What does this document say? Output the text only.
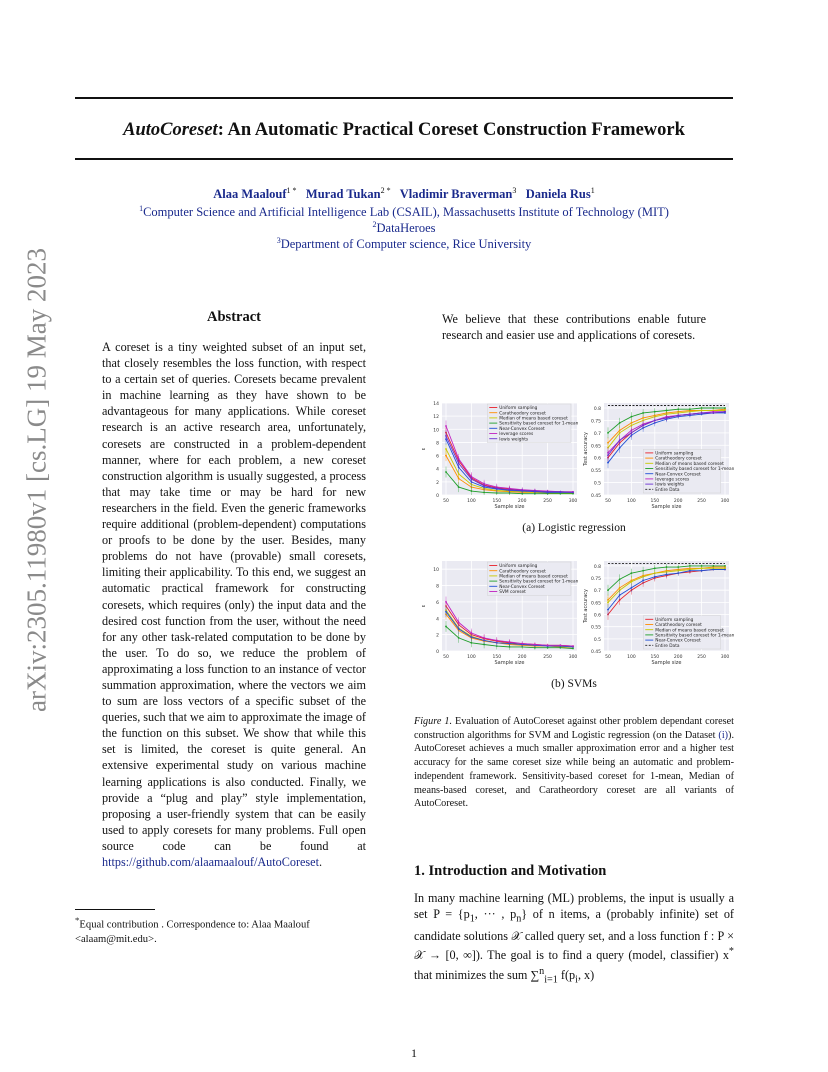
arXiv:2305.11980v1 [cs.LG] 19 May 2023
AutoCoreset: An Automatic Practical Coreset Construction Framework
Alaa Maalouf$^{1 *}$ Murad Tukan$^{2 *}$ Vladimir Braverman$^3$ Daniela Rus$^1$
$^1$Computer Science and Artificial Intelligence Lab (CSAIL), Massachusetts Institute of Technology (MIT)
$^2$DataHeroes
$^3$Department of Computer science, Rice University
Abstract
A coreset is a tiny weighted subset of an input set, that closely resembles the loss function, with respect to a certain set of queries. Coresets became prevalent in machine learning as they have shown to be advantageous for many applications. While coreset research is an active research area, unfortunately, coresets are constructed in a problem-dependent manner, where for each problem, a new coreset construction algorithm is usually suggested, a process that may take time or may be hard for new researchers in the field. Even the generic frameworks require additional (problem-dependent) computations or proofs to be done by the user. Besides, many problems do not have (provable) small coresets, limiting their applicability. To this end, we suggest an automatic practical framework for constructing coresets, which requires (only) the input data and the desired cost function from the user, without the need for any other task-related computation to be done by the user. To do so, we reduce the problem of approximating a loss function to an instance of vector summation approximation, where the vectors we aim to sum are loss vectors of a specific subset of the queries, such that we aim to approximate the image of the function on this subset. We show that while this set is limited, the coreset is quite general. An extensive experimental study on various machine learning applications is also conducted. Finally, we provide a “plug and play” style implementation, proposing a user-friendly system that can be easily used to apply coresets for many problems. Full open source code can be found at https://github.com/alaamaalouf/AutoCoreset.
*Equal contribution . Correspondence to: Alaa Maalouf
<alaam@mit.edu>.
We believe that these contributions enable future research and easier use and applications of coresets.
0
2
4
6
8
10
12
14
50	100	150	200	250	300
Sample size
ε
Uniform sampling
Caratheodory coreset
Median of means based coreset
Sensitivity based coreset for 1-mean
Near-Convex Coreset
leverage scores
lewis weights
0.45
0.5
0.55
0.6
0.65
0.7
0.75
0.8
50	100	150	200	250	300
Sample size
Test accuracy	Uniform sampling
Caratheodory coreset
Median of means based coreset
Sensitivity based coreset for 1-mean
Near-Convex Coreset
leverage scores
lewis weights
Entire Data
(a) Logistic regression
0
2
4
6
8
10
50	100	150	200	250	300
Sample size
ε
Uniform sampling
Caratheodory coreset
Median of means based coreset
Sensitivity based coreset for 1-mean
Near-Convex Coreset
SVM coreset
0.45
0.5
0.55
0.6
0.65
0.7
0.75
0.8
50	100	150	200	250	300
Sample size
Test accuracy	Uniform sampling
Caratheodory coreset
Median of means based coreset
Sensitivity based coreset for 1-mean
Near-Convex Coreset
Entire Data
(b) SVMs
Figure 1. Evaluation of AutoCoreset against other problem dependant coreset construction algorithms for SVM and Logistic regression (on the Dataset (i)). AutoCoreset achieves a much smaller approximation error and a higher test accuracy for the same coreset size while being an automatic and problem-independent framework. Sensitivity-based coreset for 1-mean, Median of means-based coreset, and Caratheordory coreset are all variants of AutoCoreset.
1. Introduction and Motivation
In many machine learning (ML) problems, the input is usually a set $P = \{p_1$, ··· , $p_n$} of n items, a (probably infinite) set of candidate solutions 𝒳 called query set, and a loss function f : P × 𝒳 → [0, ∞]). The goal is to find a query (model, classifier) x* that minimizes the sum ∑$^n_{i=1}$ $f(p_i$, x)
1
